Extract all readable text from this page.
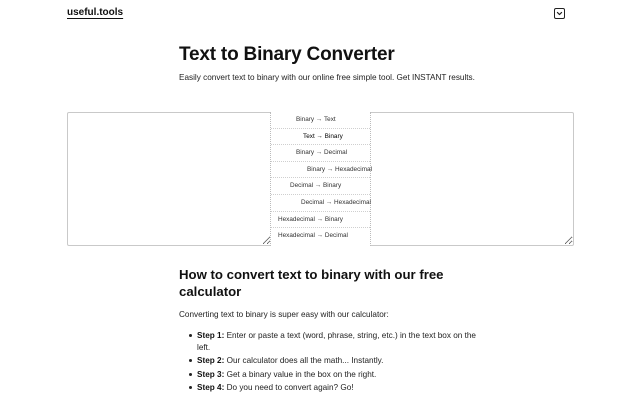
useful.tools
Text to Binary Converter

Easily convert text to binary with our online free simple tool. Get INSTANT results.

Binary → Text
Text → Binary
Binary → Decimal
Binary → Hexadecimal
Decimal → Binary
Decimal → Hexadecimal
Hexadecimal → Binary
Hexadecimal → Decimal
How to convert text to binary with our free calculator

Converting text to binary is super easy with our calculator:

Step 1: Enter or paste a text (word, phrase, string, etc.) in the text box on the left.
Step 2: Our calculator does all the math... Instantly.
Step 3: Get a binary value in the box on the right.
Step 4: Do you need to convert again? Go!
